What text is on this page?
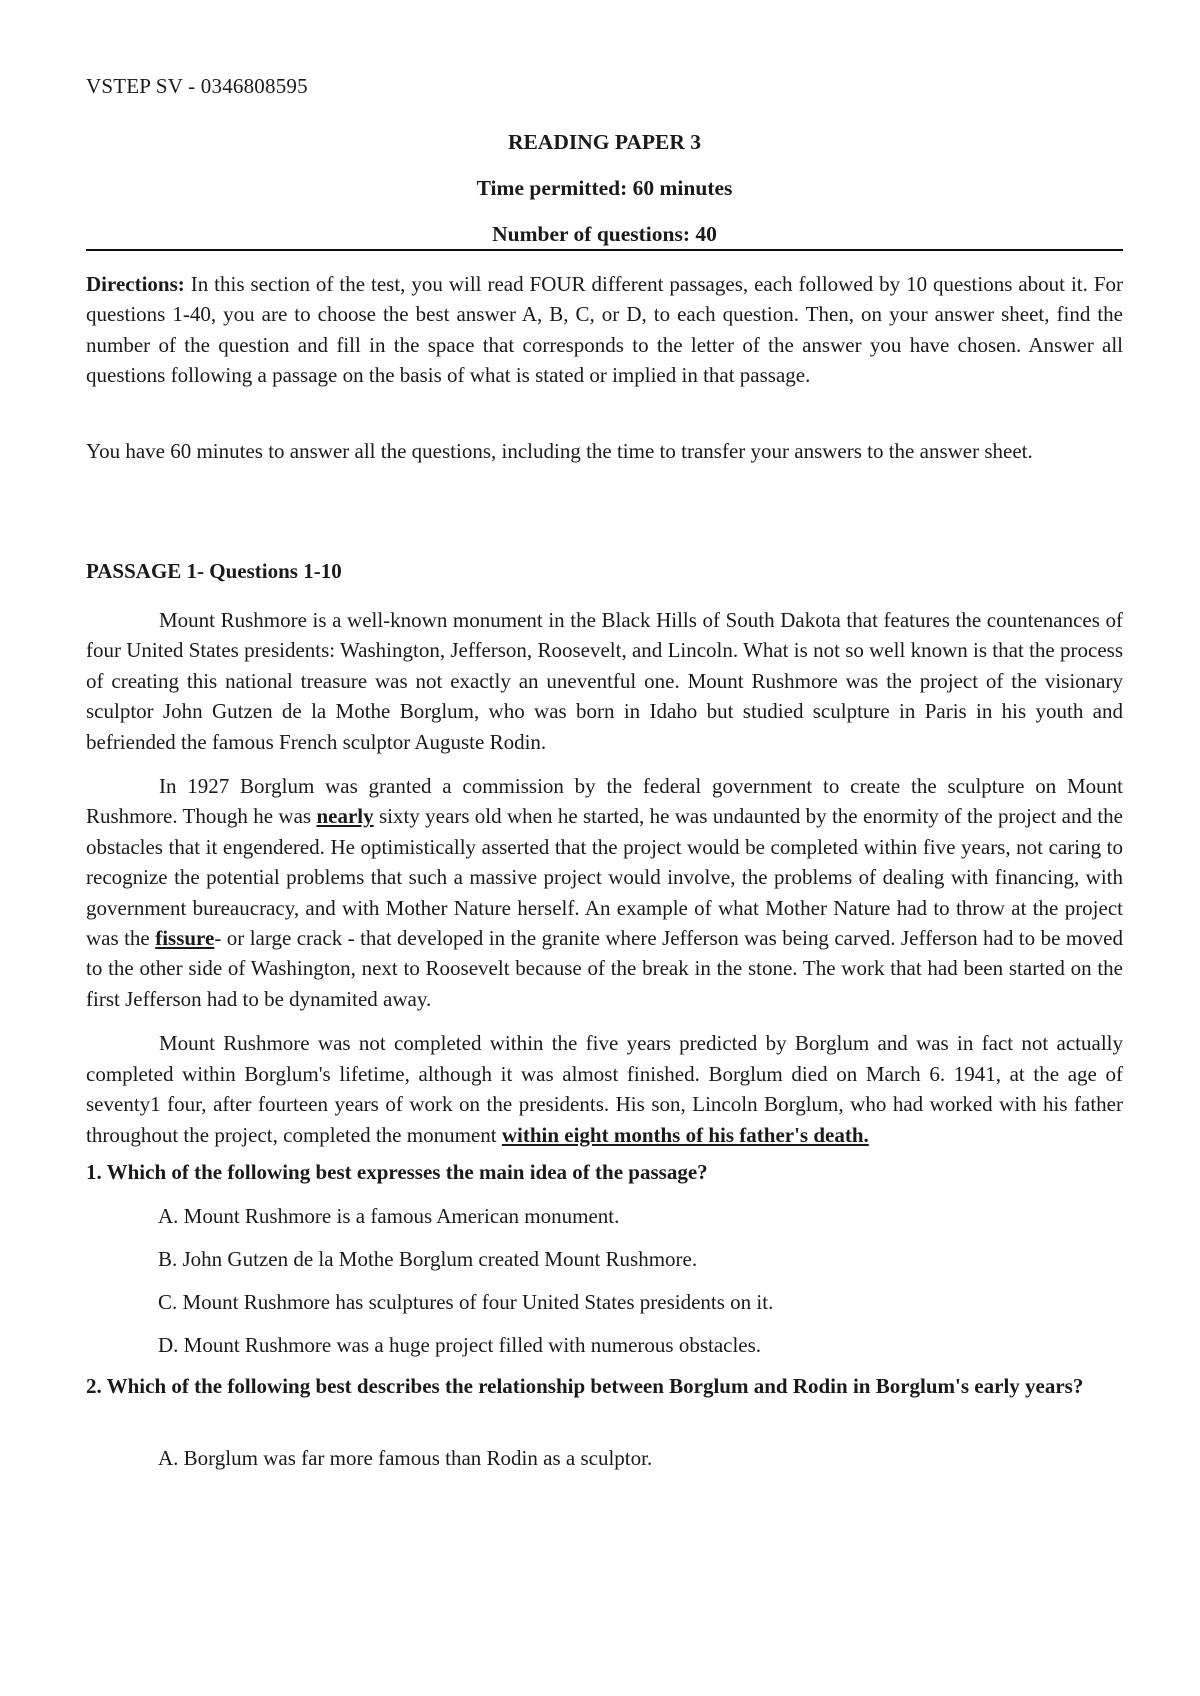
VSTEP SV - 0346808595
READING PAPER 3
Time permitted: 60 minutes
Number of questions: 40
Directions: In this section of the test, you will read FOUR different passages, each followed by 10 questions about it. For questions 1-40, you are to choose the best answer A, B, C, or D, to each question. Then, on your answer sheet, find the number of the question and fill in the space that corresponds to the letter of the answer you have chosen. Answer all questions following a passage on the basis of what is stated or implied in that passage.
You have 60 minutes to answer all the questions, including the time to transfer your answers to the answer sheet.
PASSAGE 1- Questions 1-10

Mount Rushmore is a well-known monument in the Black Hills of South Dakota that features the countenances of four United States presidents: Washington, Jefferson, Roosevelt, and Lincoln. What is not so well known is that the process of creating this national treasure was not exactly an uneventful one. Mount Rushmore was the project of the visionary sculptor John Gutzen de la Mothe Borglum, who was born in Idaho but studied sculpture in Paris in his youth and befriended the famous French sculptor Auguste Rodin.

In 1927 Borglum was granted a commission by the federal government to create the sculpture on Mount Rushmore. Though he was nearly sixty years old when he started, he was undaunted by the enormity of the project and the obstacles that it engendered. He optimistically asserted that the project would be completed within five years, not caring to recognize the potential problems that such a massive project would involve, the problems of dealing with financing, with government bureaucracy, and with Mother Nature herself. An example of what Mother Nature had to throw at the project was the fissure- or large crack - that developed in the granite where Jefferson was being carved. Jefferson had to be moved to the other side of Washington, next to Roosevelt because of the break in the stone. The work that had been started on the first Jefferson had to be dynamited away.

Mount Rushmore was not completed within the five years predicted by Borglum and was in fact not actually completed within Borglum's lifetime, although it was almost finished. Borglum died on March 6. 1941, at the age of seventy1 four, after fourteen years of work on the presidents. His son, Lincoln Borglum, who had worked with his father throughout the project, completed the monument within eight months of his father's death.

1. Which of the following best expresses the main idea of the passage?
A. Mount Rushmore is a famous American monument.
B. John Gutzen de la Mothe Borglum created Mount Rushmore.
C. Mount Rushmore has sculptures of four United States presidents on it.
D. Mount Rushmore was a huge project filled with numerous obstacles.
2. Which of the following best describes the relationship between Borglum and Rodin in Borglum's early years?
A. Borglum was far more famous than Rodin as a sculptor.
